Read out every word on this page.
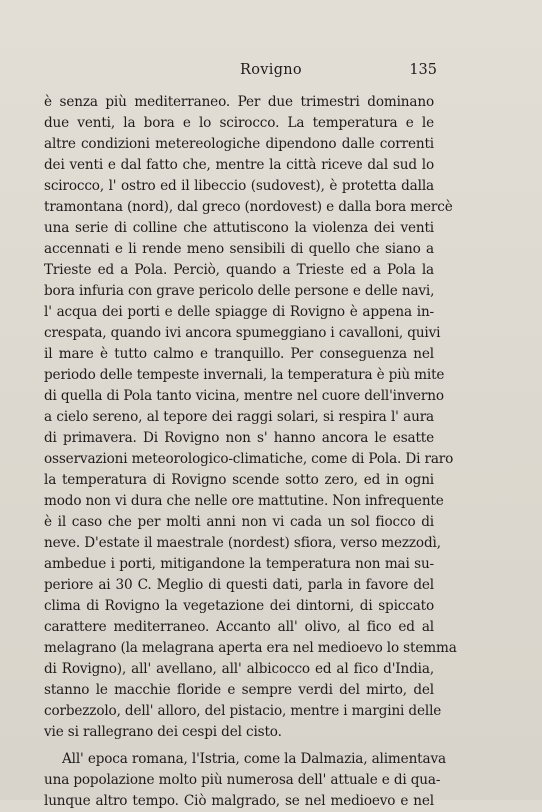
Rovigno	135
è senza più mediterraneo. Per due trimestri dominano
due venti, la bora e lo scirocco. La temperatura e le
altre condizioni metereologiche dipendono dalle correnti
dei venti e dal fatto che, mentre la città riceve dal sud lo
scirocco, l' ostro ed il libeccio (sudovest), è protetta dalla
tramontana (nord), dal greco (nordovest) e dalla bora mercè
una serie di colline che attutiscono la violenza dei venti
accennati e li rende meno sensibili di quello che siano a
Trieste ed a Pola. Perciò, quando a Trieste ed a Pola la
bora infuria con grave pericolo delle persone e delle navi,
l' acqua dei porti e delle spiagge di Rovigno è appena in-
crespata, quando ivi ancora spumeggiano i cavalloni, quivi
il mare è tutto calmo e tranquillo. Per conseguenza nel
periodo delle tempeste invernali, la temperatura è più mite
di quella di Pola tanto vicina, mentre nel cuore dell'inverno
a cielo sereno, al tepore dei raggi solari, si respira l' aura
di primavera. Di Rovigno non s' hanno ancora le esatte
osservazioni meteorologico-climatiche, come di Pola. Di raro
la temperatura di Rovigno scende sotto zero, ed in ogni
modo non vi dura che nelle ore mattutine. Non infrequente
è il caso che per molti anni non vi cada un sol fiocco di
neve. D'estate il maestrale (nordest) sfiora, verso mezzodì,
ambedue i porti, mitigandone la temperatura non mai su-
periore ai 30 C. Meglio di questi dati, parla in favore del
clima di Rovigno la vegetazione dei dintorni, di spiccato
carattere mediterraneo. Accanto all' olivo, al fico ed al
melagrano (la melagrana aperta era nel medioevo lo stemma
di Rovigno), all' avellano, all' albicocco ed al fico d'India,
stanno le macchie floride e sempre verdi del mirto, del
corbezzolo, dell' alloro, del pistacio, mentre i margini delle
vie si rallegrano dei cespi del cisto.
All' epoca romana, l'Istria, come la Dalmazia, alimentava
una popolazione molto più numerosa dell' attuale e di qua-
lunque altro tempo. Ciò malgrado, se nel medioevo e nel
